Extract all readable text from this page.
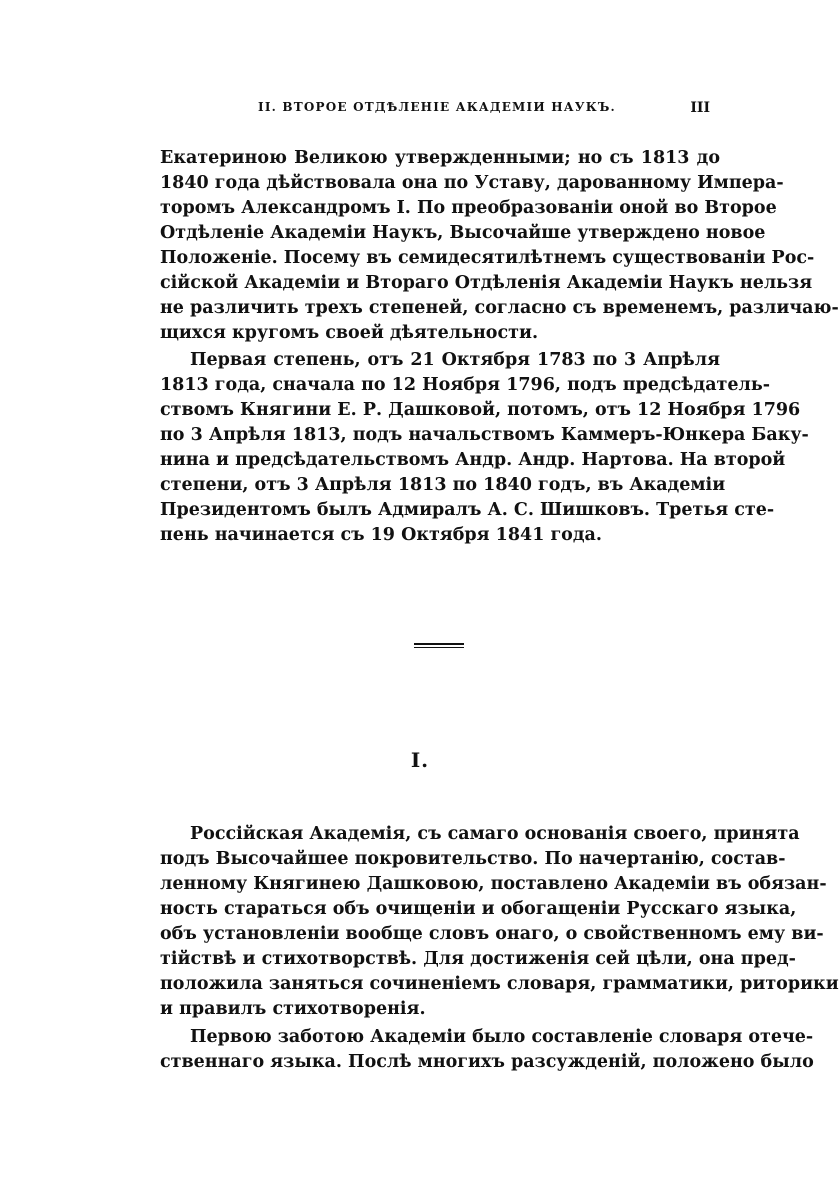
II. ВТОРОЕ ОТДѢЛЕНІЕ АКАДЕМІИ НАУКЪ.	III
Екатериною Великою утвержденными; но съ 1813 до
1840 года дѣйствовала она по Уставу, дарованному Импера-
торомъ Александромъ I. По преобразованіи оной во Второе
Отдѣленіе Академіи Наукъ, Высочайше утверждено новое
Положеніе. Посему въ семидесятилѣтнемъ существованіи Рос-
сійской Академіи и Втораго Отдѣленія Академіи Наукъ нельзя
не различить трехъ степеней, согласно съ временемъ, различаю-
щихся кругомъ своей дѣятельности.
Первая степень, отъ 21 Октября 1783 по 3 Апрѣля
1813 года, сначала по 12 Ноября 1796, подъ предсѣдатель-
ствомъ Княгини Е. Р. Дашковой, потомъ, отъ 12 Ноября 1796
по 3 Апрѣля 1813, подъ начальствомъ Каммеръ-Юнкера Баку-
нина и предсѣдательствомъ Андр. Андр. Нартова. На второй
степени, отъ 3 Апрѣля 1813 по 1840 годъ, въ Академіи
Президентомъ былъ Адмиралъ А. С. Шишковъ. Третья сте-
пень начинается съ 19 Октября 1841 года.
I.
Россійская Академія, съ самаго основанія своего, принята
подъ Высочайшее покровительство. По начертанію, состав-
ленному Княгинею Дашковою, поставлено Академіи въ обязан-
ность стараться объ очищеніи и обогащеніи Русскаго языка,
объ установленіи вообще словъ онаго, о свойственномъ ему ви-
тійствѣ и стихотворствѣ. Для достиженія сей цѣли, она пред-
положила заняться сочиненіемъ словаря, грамматики, риторики
и правилъ стихотворенія.
Первою заботою Академіи было составленіе словаря отече-
ственнаго языка. Послѣ многихъ разсужденій, положено было
